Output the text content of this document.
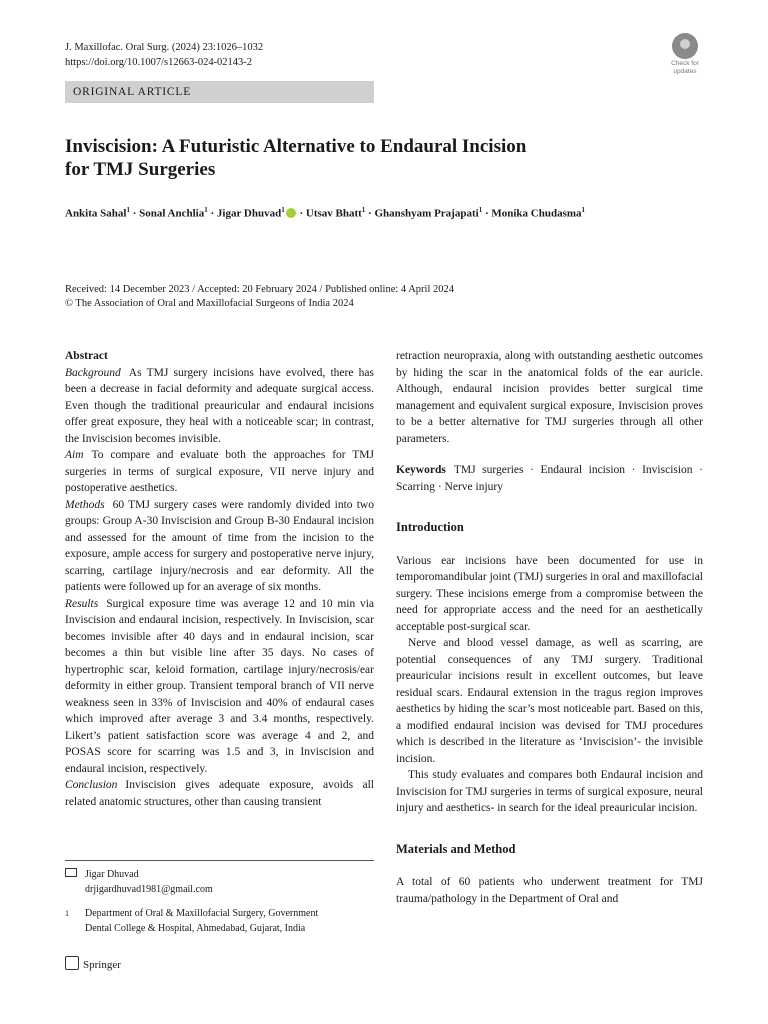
J. Maxillofac. Oral Surg. (2024) 23:1026–1032
https://doi.org/10.1007/s12663-024-02143-2	Check for
updates
ORIGINAL ARTICLE
Inviscision: A Futuristic Alternative to Endaural Incision
for TMJ Surgeries
Ankita Sahal$^1$ · Sonal Anchlia$^1$ · Jigar Dhuvad$^1$ · Utsav Bhatt$^1$ · Ghanshyam Prajapati$^1$ · Monika Chudasma$^1$
Received: 14 December 2023 / Accepted: 20 February 2024 / Published online: 4 April 2024
© The Association of Oral and Maxillofacial Surgeons of India 2024
Abstract
Background As TMJ surgery incisions have evolved, there has been a decrease in facial deformity and adequate surgical access. Even though the traditional preauricular and endaural incisions offer great exposure, they heal with a noticeable scar; in contrast, the Inviscision becomes invisible.
Aim To compare and evaluate both the approaches for TMJ surgeries in terms of surgical exposure, VII nerve injury and postoperative aesthetics.
Methods 60 TMJ surgery cases were randomly divided into two groups: Group A-30 Inviscision and Group B-30 Endaural incision and assessed for the amount of time from the incision to the exposure, ample access for surgery and postoperative nerve injury, scarring, cartilage injury/necrosis and ear deformity. All the patients were followed up for an average of six months.
Results Surgical exposure time was average 12 and 10 min via Inviscision and endaural incision, respectively. In Inviscision, scar becomes invisible after 40 days and in endaural incision, scar becomes a thin but visible line after 35 days. No cases of hypertrophic scar, keloid formation, cartilage injury/necrosis/ear deformity in either group. Transient temporal branch of VII nerve weakness seen in 33% of Inviscision and 40% of endaural cases which improved after average 3 and 3.4 months, respectively. Likert’s patient satisfaction score was average 4 and 2, and POSAS score for scarring was 1.5 and 3, in Inviscision and endaural incision, respectively.
Conclusion Inviscision gives adequate exposure, avoids all related anatomic structures, other than causing transient
Jigar Dhuvad
drjigardhuvad1981@gmail.com
1	Department of Oral & Maxillofacial Surgery, Government
Dental College & Hospital, Ahmedabad, Gujarat, India
Springer
retraction neuropraxia, along with outstanding aesthetic outcomes by hiding the scar in the anatomical folds of the ear auricle. Although, endaural incision provides better surgical time management and equivalent surgical exposure, Inviscision proves to be a better alternative for TMJ surgeries through all other parameters.
Keywords TMJ surgeries · Endaural incision · Inviscision · Scarring · Nerve injury
Introduction
Various ear incisions have been documented for use in temporomandibular joint (TMJ) surgeries in oral and maxillofacial surgery. These incisions emerge from a compromise between the need for appropriate access and the need for an aesthetically acceptable post-surgical scar.
Nerve and blood vessel damage, as well as scarring, are potential consequences of any TMJ surgery. Traditional preauricular incisions result in excellent outcomes, but leave residual scars. Endaural extension in the tragus region improves aesthetics by hiding the scar’s most noticeable part. Based on this, a modified endaural incision was devised for TMJ procedures which is described in the literature as ‘Inviscision’- the invisible incision.
This study evaluates and compares both Endaural incision and Inviscision for TMJ surgeries in terms of surgical exposure, neural injury and aesthetics- in search for the ideal preauricular incision.
Materials and Method
A total of 60 patients who underwent treatment for TMJ trauma/pathology in the Department of Oral and
